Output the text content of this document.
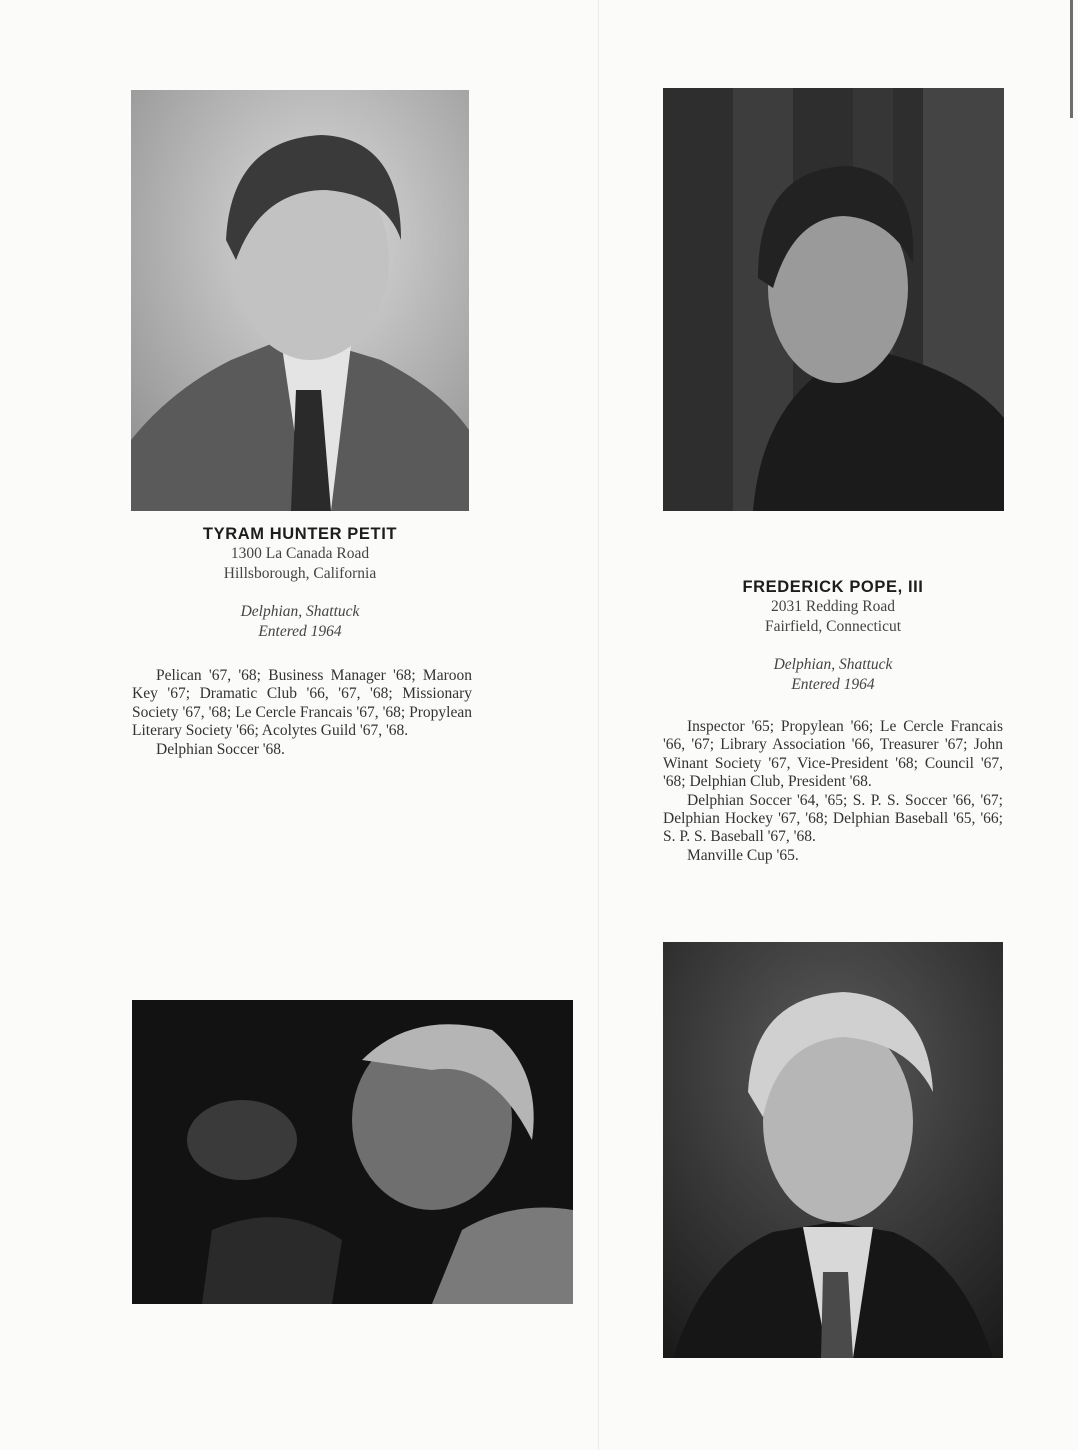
TYRAM HUNTER PETIT
1300 La Canada Road
Hillsborough, California
Delphian, Shattuck
Entered 1964

Pelican '67, '68; Business Manager '68; Maroon Key '67; Dramatic Club '66, '67, '68; Missionary Society '67, '68; Le Cercle Francais '67, '68; Propylean Literary Society '66; Acolytes Guild '67, '68.

Delphian Soccer '68.

FREDERICK POPE, III
2031 Redding Road
Fairfield, Connecticut
Delphian, Shattuck
Entered 1964

Inspector '65; Propylean '66; Le Cercle Francais '66, '67; Library Association '66, Treasurer '67; John Winant Society '67, Vice-President '68; Council '67, '68; Delphian Club, President '68.

Delphian Soccer '64, '65; S. P. S. Soccer '66, '67; Delphian Hockey '67, '68; Delphian Baseball '65, '66; S. P. S. Baseball '67, '68.

Manville Cup '65.
